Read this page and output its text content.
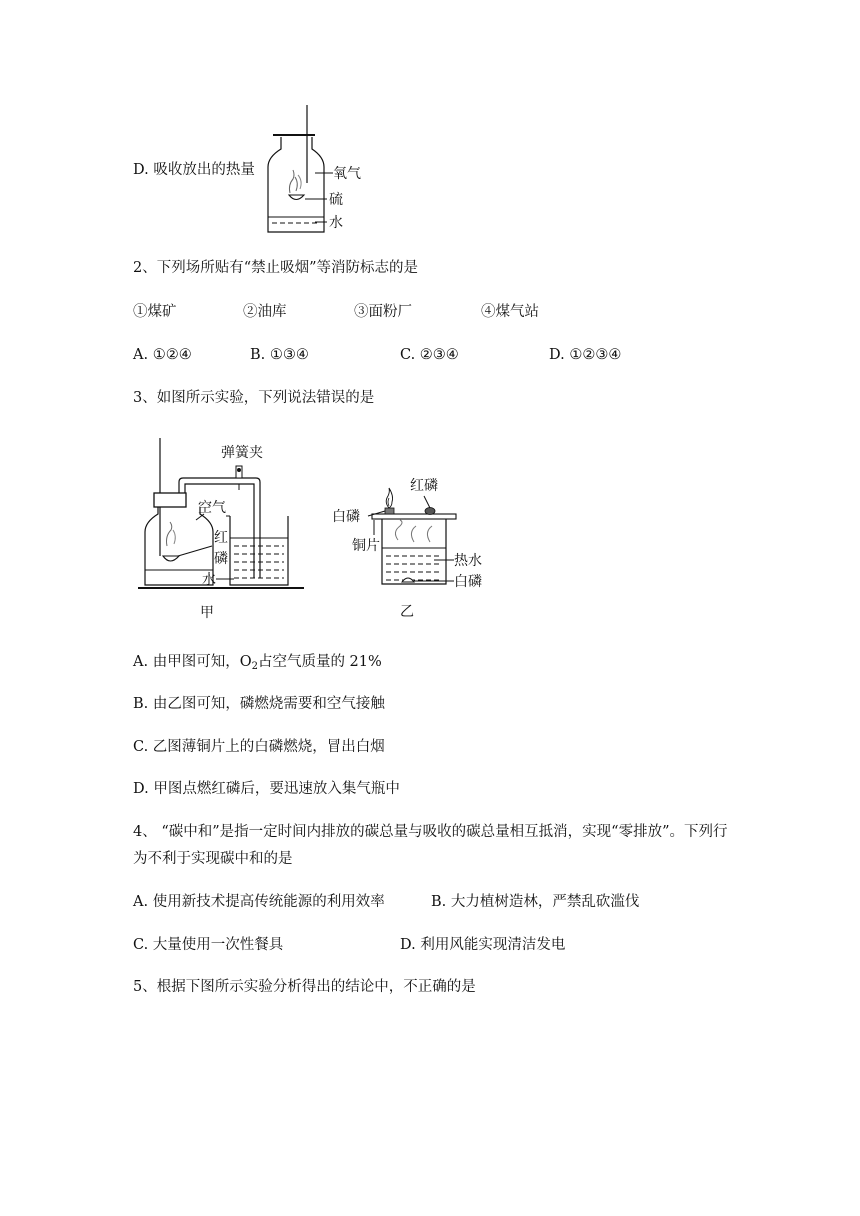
D. 吸收放出的热量	氧气
硫
水
2、下列场所贴有“禁止吸烟”等消防标志的是
①煤矿	②油库	③面粉厂	④煤气站
A. ①②④	B. ①③④	C. ②③④	D. ①②③④
3、如图所示实验，下列说法错误的是
弹簧夹
空气
红
磷
水
甲
红磷
白磷
铜片
热水
白磷
乙
A. 由甲图可知，$O_2$占空气质量的 21%
B. 由乙图可知，磷燃烧需要和空气接触
C. 乙图薄铜片上的白磷燃烧，冒出白烟
D. 甲图点燃红磷后，要迅速放入集气瓶中
4、 “碳中和”是指一定时间内排放的碳总量与吸收的碳总量相互抵消，实现“零排放”。下列行
为不利于实现碳中和的是
A. 使用新技术提高传统能源的利用效率	B. 大力植树造林，严禁乱砍滥伐
C. 大量使用一次性餐具	D. 利用风能实现清洁发电
5、根据下图所示实验分析得出的结论中，不正确的是
